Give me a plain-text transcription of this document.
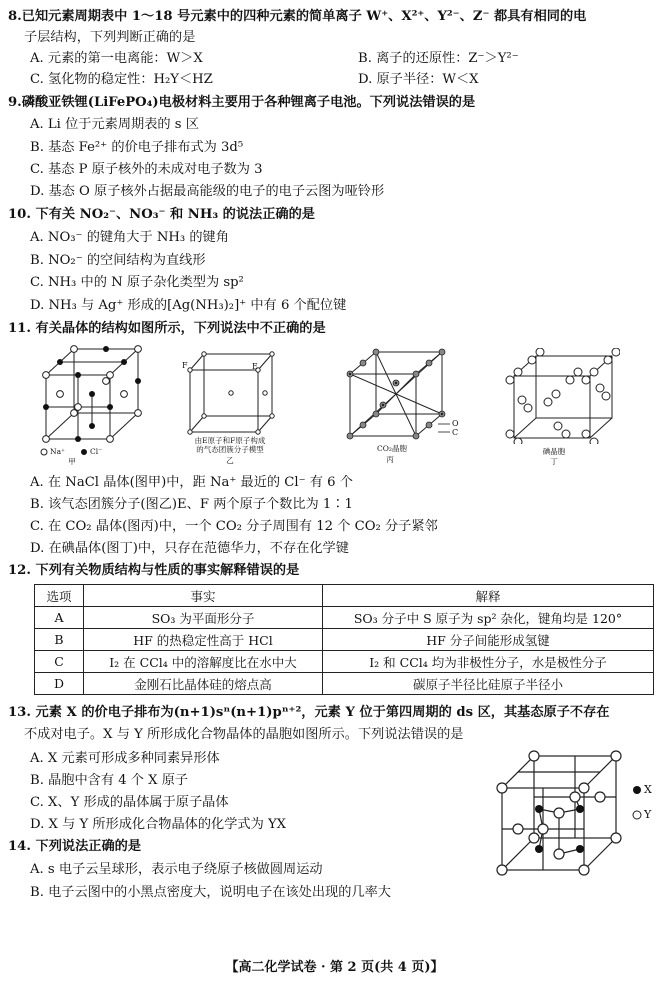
8.已知元素周期表中 1～18 号元素中的四种元素的简单离子 W⁺、X²⁺、Y²⁻、Z⁻ 都具有相同的电
子层结构，下列判断正确的是
A. 元素的第一电离能：W＞X	B. 离子的还原性：Z⁻＞Y²⁻
C. 氢化物的稳定性：H₂Y＜HZ	D. 原子半径：W＜X
9.磷酸亚铁锂(LiFePO₄)电极材料主要用于各种锂离子电池。下列说法错误的是
A. Li 位于元素周期表的 s 区
B. 基态 Fe²⁺ 的价电子排布式为 3d⁵
C. 基态 P 原子核外的未成对电子数为 3
D. 基态 O 原子核外占据最高能级的电子的电子云图为哑铃形
10. 下有关 NO₂⁻、NO₃⁻ 和 NH₃ 的说法正确的是
A. NO₃⁻ 的键角大于 NH₃ 的键角
B. NO₂⁻ 的空间结构为直线形
C. NH₃ 中的 N 原子杂化类型为 sp²
D. NH₃ 与 Ag⁺ 形成的[Ag(NH₃)₂]⁺ 中有 6 个配位键
11. 有关晶体的结构如图所示，下列说法中不正确的是
Na⁺	Cl⁻
甲
F	E
由E原子和F原子构成
的气态团簇分子模型
乙
O
C
CO₂晶胞
丙
碘晶胞
丁
A. 在 NaCl 晶体(图甲)中，距 Na⁺ 最近的 Cl⁻ 有 6 个
B. 该气态团簇分子(图乙)E、F 两个原子个数比为 1∶1
C. 在 CO₂ 晶体(图丙)中，一个 CO₂ 分子周围有 12 个 CO₂ 分子紧邻
D. 在碘晶体(图丁)中，只存在范德华力，不存在化学键
12. 下列有关物质结构与性质的事实解释错误的是
选项	事实	解释
A	SO₃ 为平面形分子	SO₃ 分子中 S 原子为 sp² 杂化，键角均是 120°
B	HF 的热稳定性高于 HCl	HF 分子间能形成氢键
C	I₂ 在 CCl₄ 中的溶解度比在水中大	I₂ 和 CCl₄ 均为非极性分子，水是极性分子
D	金刚石比晶体硅的熔点高	碳原子半径比硅原子半径小
13. 元素 X 的价电子排布为(n+1)sⁿ(n+1)pⁿ⁺²，元素 Y 位于第四周期的 ds 区，其基态原子不存在
不成对电子。X 与 Y 所形成化合物晶体的晶胞如图所示。下列说法错误的是
A. X 元素可形成多种同素异形体
B. 晶胞中含有 4 个 X 原子
C. X、Y 形成的晶体属于原子晶体
D. X 与 Y 所形成化合物晶体的化学式为 YX
X
Y
14. 下列说法正确的是
A. s 电子云呈球形，表示电子绕原子核做圆周运动
B. 电子云图中的小黑点密度大，说明电子在该处出现的几率大
【高二化学试卷 · 第 2 页(共 4 页)】
